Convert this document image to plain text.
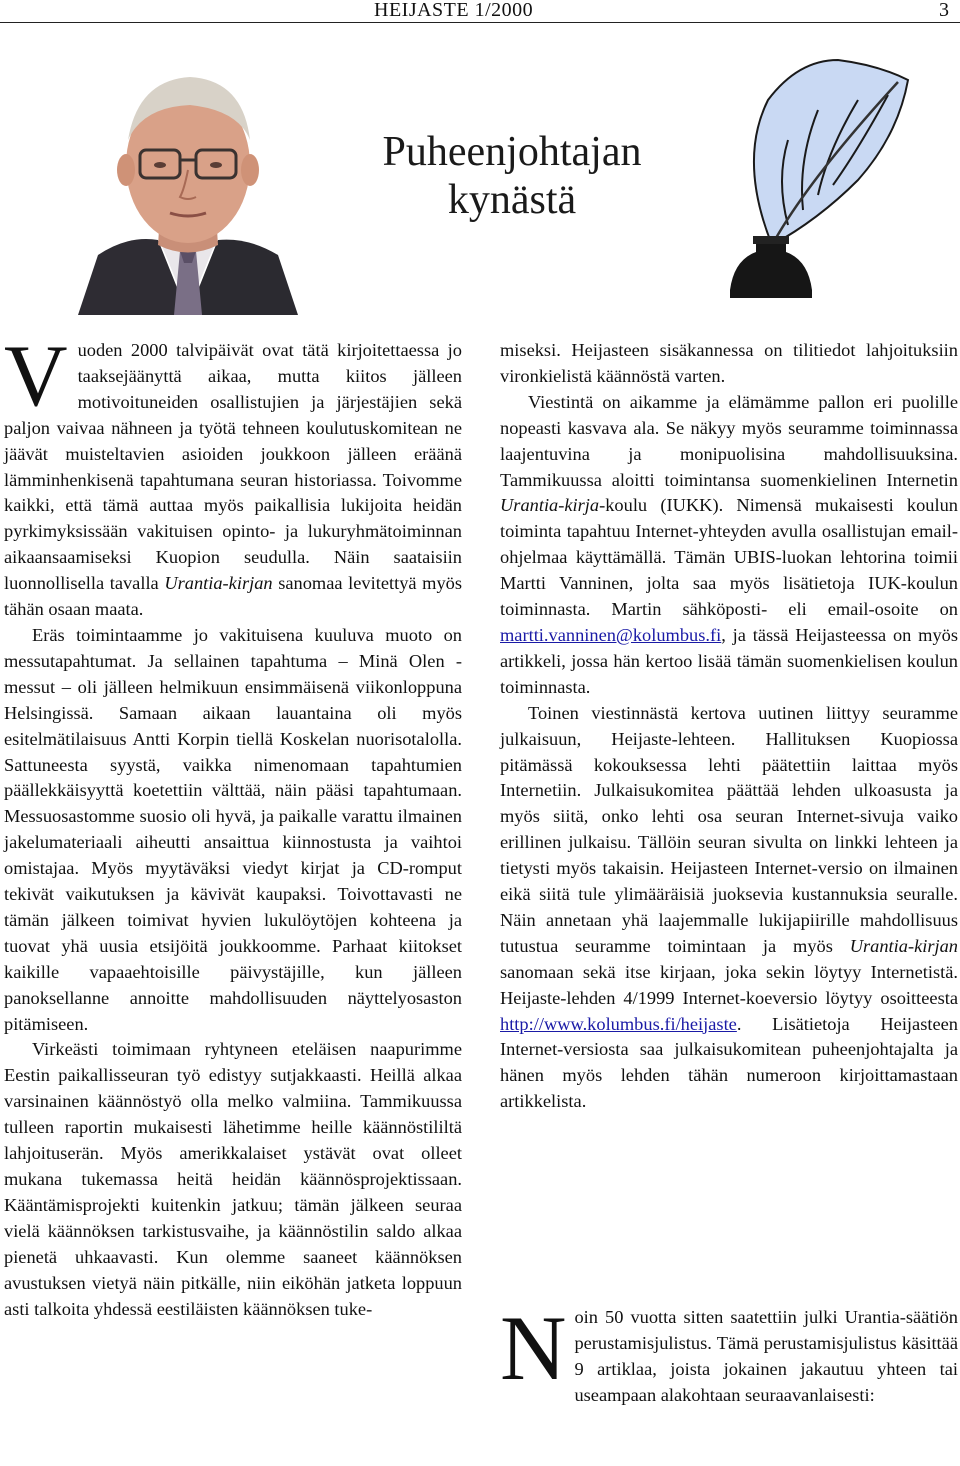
HEIJASTE 1/2000	3
Puheenjohtajan
kynästä

Vuoden 2000 talvipäivät ovat tätä kirjoitettaessa jo taaksejäänyttä aikaa, mutta kiitos jälleen motivoituneiden osallistujien ja järjestäjien sekä paljon vaivaa nähneen ja työtä tehneen koulutuskomitean ne jäävät muisteltavien asioiden joukkoon jälleen eräänä lämminhenkisenä tapahtumana seuran historiassa. Toivomme kaikki, että tämä auttaa myös paikallisia lukijoita heidän pyrkimyksissään vakituisen opinto- ja lukuryhmätoiminnan aikaansaamiseksi Kuopion seudulla. Näin saataisiin luonnollisella tavalla Urantia-kirjan sanomaa levitettyä myös tähän osaan maata.

Eräs toimintaamme jo vakituisena kuuluva muoto on messutapahtumat. Ja sellainen tapahtuma – Minä Olen -messut – oli jälleen helmikuun ensimmäisenä viikonloppuna Helsingissä. Samaan aikaan lauantaina oli myös esitelmätilaisuus Antti Korpin tiellä Koskelan nuorisotalolla. Sattuneesta syystä, vaikka nimenomaan tapahtumien päällekkäisyyttä koetettiin välttää, näin pääsi tapahtumaan. Messuosastomme suosio oli hyvä, ja paikalle varattu ilmainen jakelumateriaali aiheutti ansaittua kiinnostusta ja vaihtoi omistajaa. Myös myytäväksi viedyt kirjat ja CD-romput tekivät vaikutuksen ja kävivät kaupaksi. Toivottavasti ne tämän jälkeen toimivat hyvien lukulöytöjen kohteena ja tuovat yhä uusia etsijöitä joukkoomme. Parhaat kiitokset kaikille vapaaehtoisille päivystäjille, kun jälleen panoksellanne annoitte mahdollisuuden näyttelyosaston pitämiseen.

Virkeästi toimimaan ryhtyneen eteläisen naapurimme Eestin paikallisseuran työ edistyy sutjakkaasti. Heillä alkaa varsinainen käännöstyö olla melko valmiina. Tammikuussa tulleen raportin mukaisesti lähetimme heille käännöstililtä lahjoituserän. Myös amerikkalaiset ystävät ovat olleet mukana tukemassa heitä heidän käännösprojektissaan. Kääntämisprojekti kuitenkin jatkuu; tämän jälkeen seuraa vielä käännöksen tarkistusvaihe, ja käännöstilin saldo alkaa pienetä uhkaavasti. Kun olemme saaneet käännöksen avustuksen vietyä näin pitkälle, niin eiköhän jatketa loppuun asti talkoita yhdessä eestiläisten käännöksen tuke-

miseksi. Heijasteen sisäkannessa on tilitiedot lahjoituksiin vironkielistä käännöstä varten.

Viestintä on aikamme ja elämämme pallon eri puolille nopeasti kasvava ala. Se näkyy myös seuramme toiminnassa laajentuvina ja monipuolisina mahdollisuuksina. Tammikuussa aloitti toimintansa suomenkielinen Internetin Urantia-kirja-koulu (IUKK). Nimensä mukaisesti koulun toiminta tapahtuu Internet-yhteyden avulla osallistujan email-ohjelmaa käyttämällä. Tämän UBIS-luokan lehtorina toimii Martti Vanninen, jolta saa myös lisätietoja IUK-koulun toiminnasta. Martin sähköposti- eli email-osoite on martti.vanninen@kolumbus.fi, ja tässä Heijasteessa on myös artikkeli, jossa hän kertoo lisää tämän suomenkielisen koulun toiminnasta.

Toinen viestinnästä kertova uutinen liittyy seuramme julkaisuun, Heijaste-lehteen. Hallituksen Kuopiossa pitämässä kokouksessa lehti päätettiin laittaa myös Internetiin. Julkaisukomitea päättää lehden ulkoasusta ja myös siitä, onko lehti osa seuran Internet-sivuja vaiko erillinen julkaisu. Tällöin seuran sivulta on linkki lehteen ja tietysti myös takaisin. Heijasteen Internet-versio on ilmainen eikä siitä tule ylimääräisiä juoksevia kustannuksia seuralle. Näin annetaan yhä laajemmalle lukijapiirille mahdollisuus tutustua seuramme toimintaan ja myös Urantia-kirjan sanomaan sekä itse kirjaan, joka sekin löytyy Internetistä. Heijaste-lehden 4/1999 Internet-koeversio löytyy osoitteesta http://www.kolumbus.fi/heijaste. Lisätietoja Heijasteen Internet-versiosta saa julkaisukomitean puheenjohtajalta ja hänen myös lehden tähän numeroon kirjoittamastaan artikkelista.

Noin 50 vuotta sitten saatettiin julki Urantia-säätiön perustamisjulistus. Tämä perustamisjulistus käsittää 9 artiklaa, joista jokainen jakautuu yhteen tai useampaan alakohtaan seuraavanlaisesti:
